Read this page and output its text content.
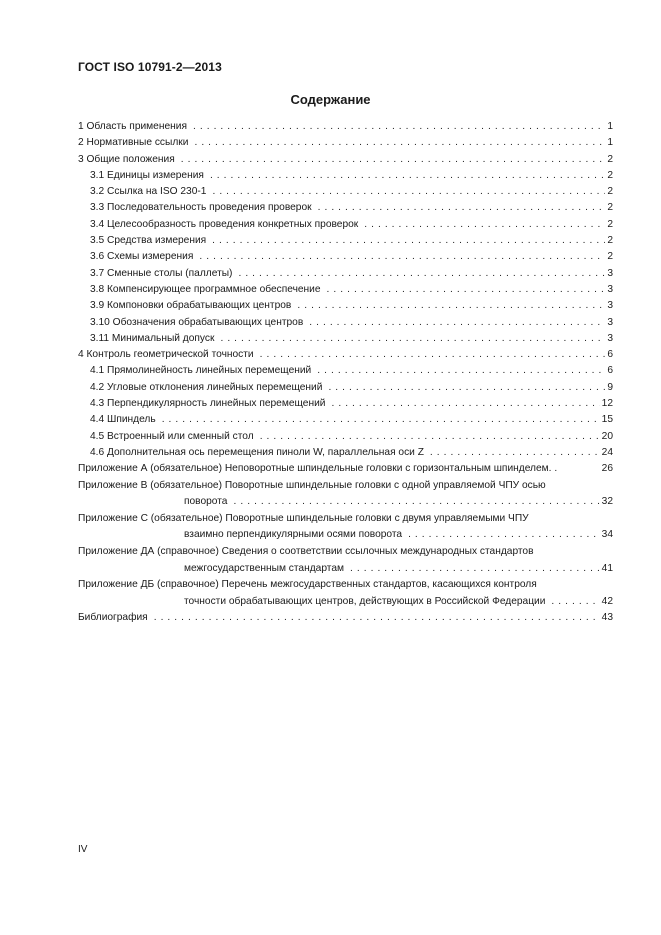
ГОСТ ISO 10791-2—2013
Содержание
1 Область применения . . .	1
2 Нормативные ссылки . . .	1
3 Общие положения . . .	2
3.1 Единицы измерения . . .	2
3.2 Ссылка на ISO 230-1 . . .	2
3.3 Последовательность проведения проверок . . .	2
3.4 Целесообразность проведения конкретных проверок . . .	2
3.5 Средства измерения . . .	2
3.6 Схемы измерения . . .	2
3.7 Сменные столы (паллеты) . . .	3
3.8 Компенсирующее программное обеспечение . . .	3
3.9 Компоновки обрабатывающих центров . . .	3
3.10 Обозначения обрабатывающих центров . . .	3
3.11 Минимальный допуск . . .	3
4 Контроль геометрической точности . . .	6
4.1 Прямолинейность линейных перемещений . . .	6
4.2 Угловые отклонения линейных перемещений . . .	9
4.3 Перпендикулярность линейных перемещений . . .	12
4.4 Шпиндель . . .	15
4.5 Встроенный или сменный стол . . .	20
4.6 Дополнительная ось перемещения пиноли W, параллельная оси Z . . .	24
Приложение А (обязательное) Неповоротные шпиндельные головки с горизонтальным шпинделем. .	26
Приложение В (обязательное) Поворотные шпиндельные головки с одной управляемой ЧПУ осью
поворота . . .	32
Приложение С (обязательное) Поворотные шпиндельные головки с двумя управляемыми ЧПУ
взаимно перпендикулярными осями поворота . . .	34
Приложение ДА (справочное) Сведения о соответствии ссылочных международных стандартов
межгосударственным стандартам . . .	41
Приложение ДБ (справочное) Перечень межгосударственных стандартов, касающихся контроля
точности обрабатывающих центров, действующих в Российской Федерации . . .	42
Библиография . . .	43
IV
